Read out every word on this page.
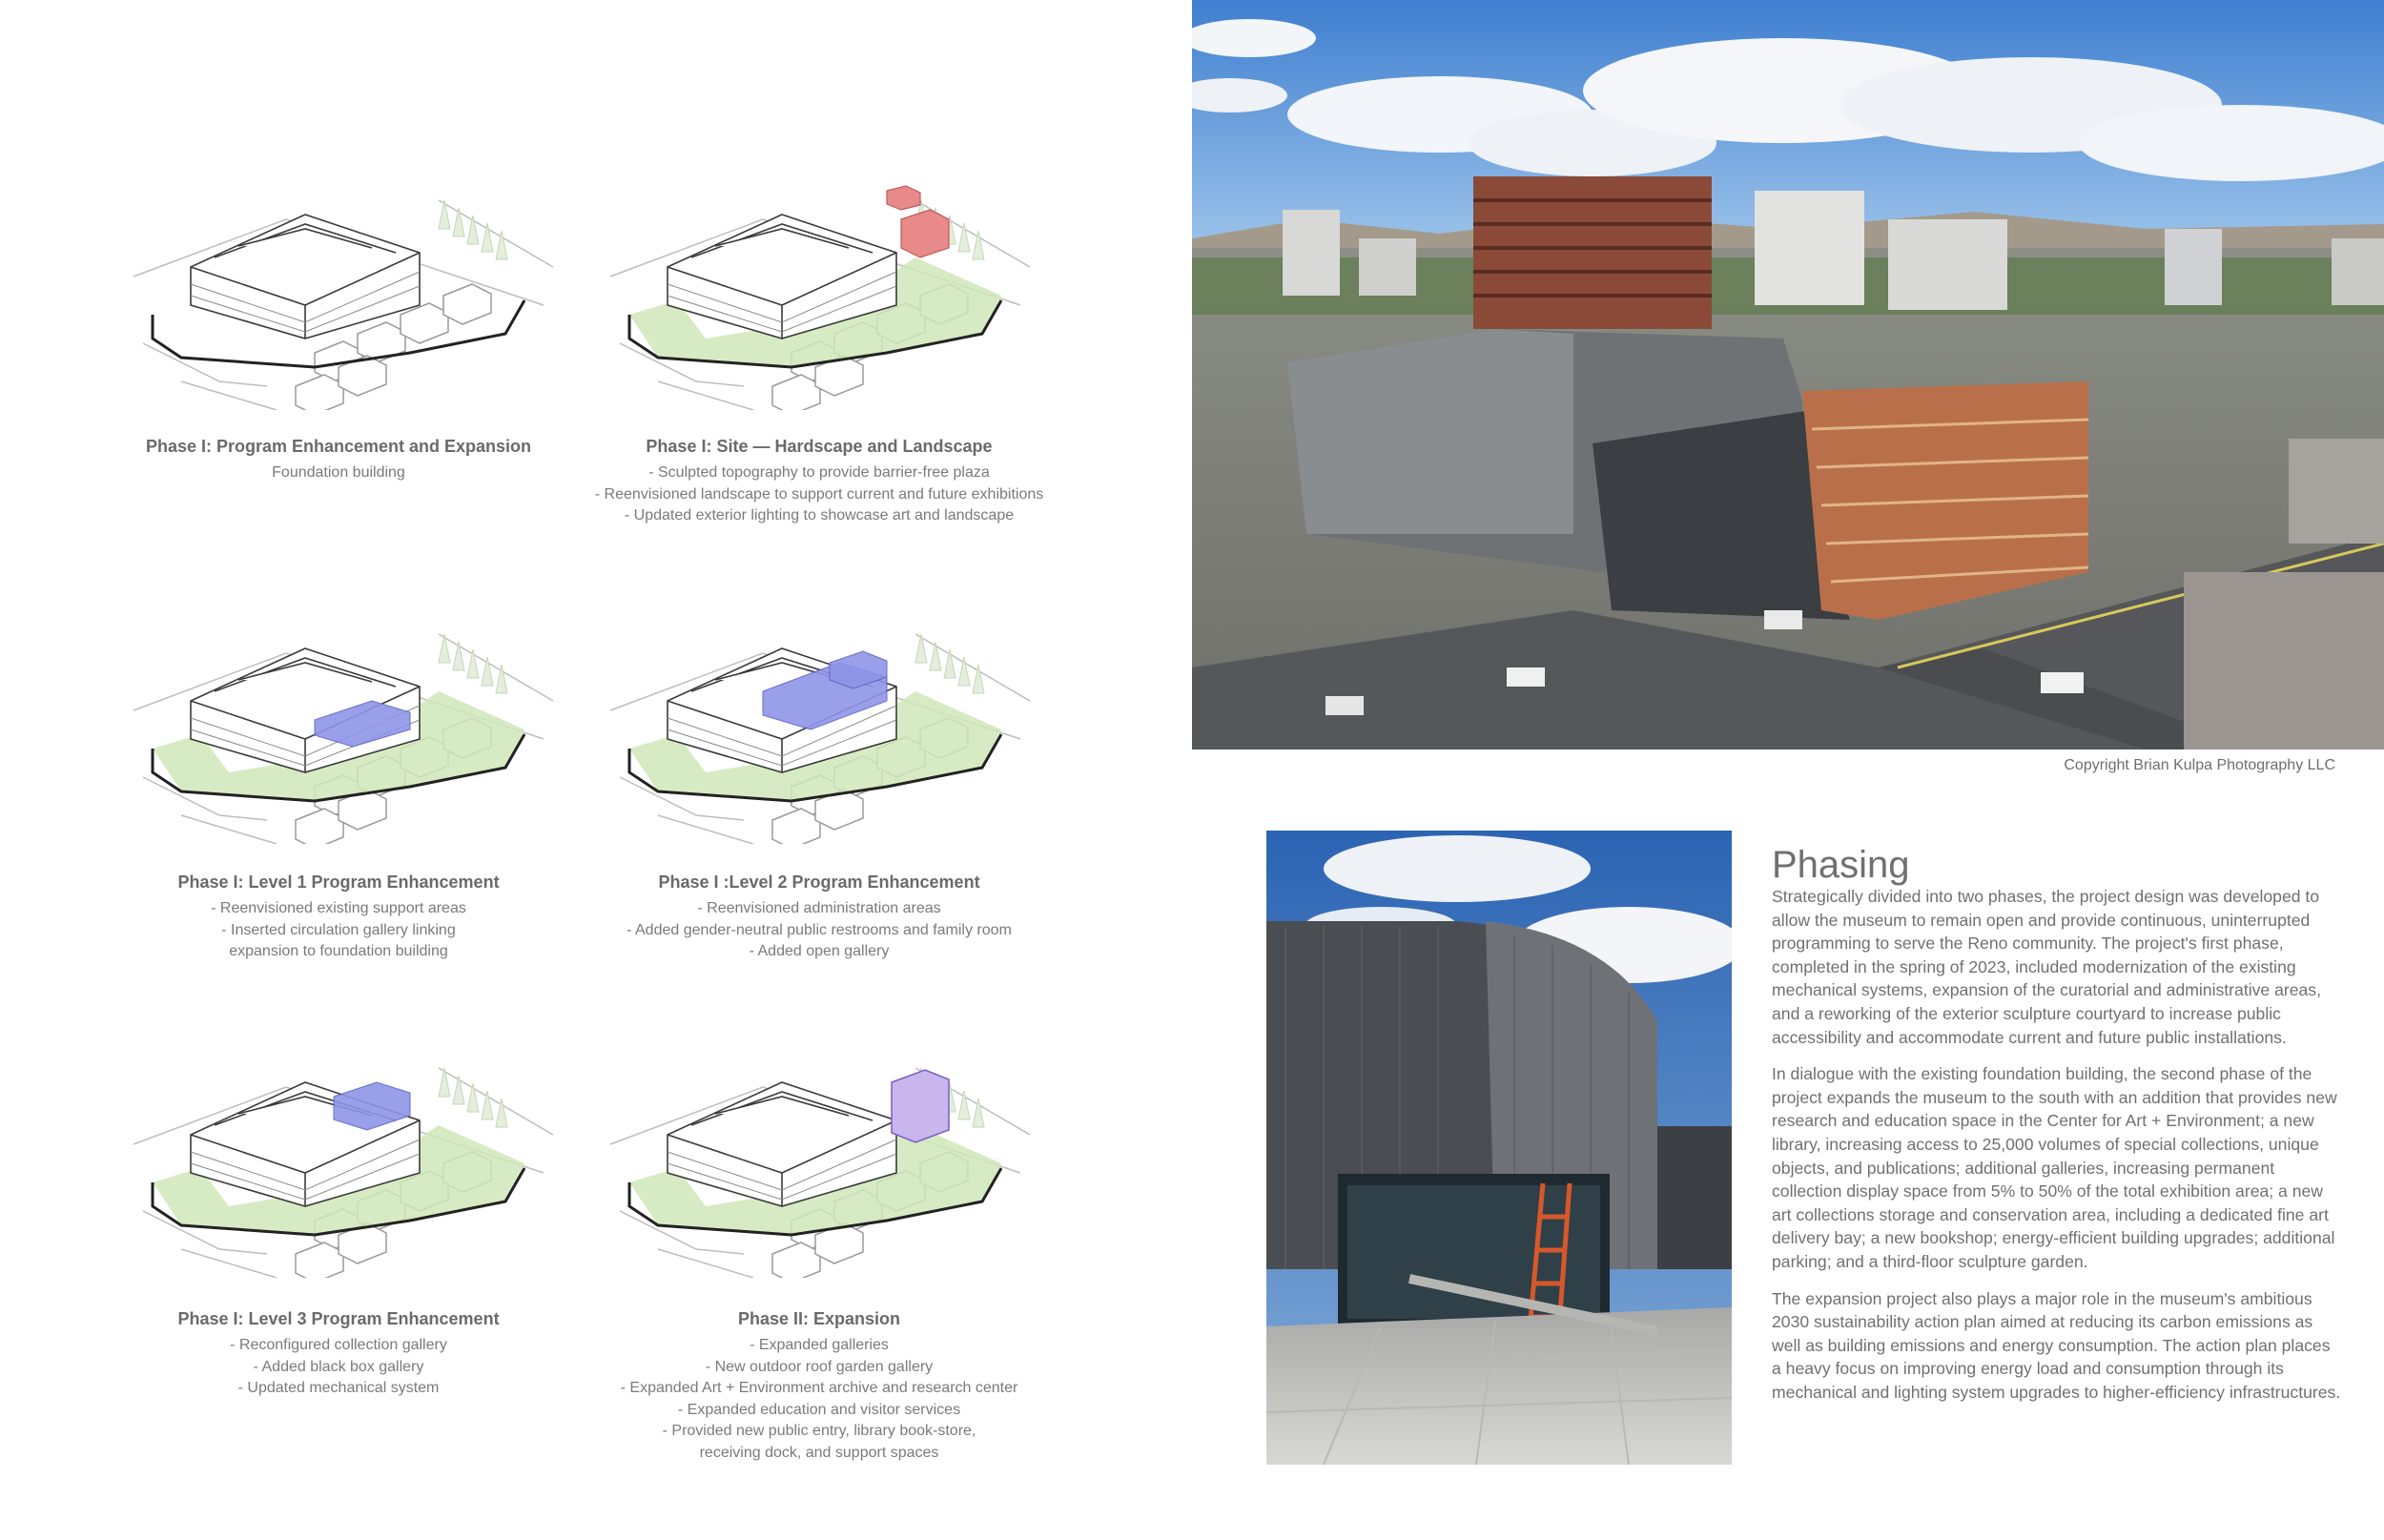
Phase I: Program Enhancement and Expansion
Foundation building
Phase I: Site — Hardscape and Landscape
- Sculpted topography to provide barrier-free plaza
- Reenvisioned landscape to support current and future exhibitions
- Updated exterior lighting to showcase art and landscape
Phase I: Level 1 Program Enhancement
- Reenvisioned existing support areas
- Inserted circulation gallery linking
expansion to foundation building
Phase I :Level 2 Program Enhancement
- Reenvisioned administration areas
- Added gender-neutral public restrooms and family room
- Added open gallery
Phase I: Level 3 Program Enhancement
- Reconfigured collection gallery
- Added black box gallery
- Updated mechanical system
Phase II: Expansion
- Expanded galleries
- New outdoor roof garden gallery
- Expanded Art + Environment archive and research center
- Expanded education and visitor services
- Provided new public entry, library book-store,
receiving dock, and support spaces
Copyright Brian Kulpa Photography LLC
Phasing

Strategically divided into two phases, the project design was developed to allow the museum to remain open and provide continuous, uninterrupted programming to serve the Reno community. The project's first phase, completed in the spring of 2023, included modernization of the existing mechanical systems, expansion of the curatorial and administrative areas, and a reworking of the exterior sculpture courtyard to increase public accessibility and accommodate current and future public installations.

In dialogue with the existing foundation building, the second phase of the project expands the museum to the south with an addition that provides new research and education space in the Center for Art + Environment; a new library, increasing access to 25,000 volumes of special collections, unique objects, and publications; additional galleries, increasing permanent collection display space from 5% to 50% of the total exhibition area; a new art collections storage and conservation area, including a dedicated fine art delivery bay; a new bookshop; energy-efficient building upgrades; additional parking; and a third-floor sculpture garden.

The expansion project also plays a major role in the museum's ambitious 2030 sustainability action plan aimed at reducing its carbon emissions as well as building emissions and energy consumption. The action plan places a heavy focus on improving energy load and consumption through its mechanical and lighting system upgrades to higher-efficiency infrastructures.
